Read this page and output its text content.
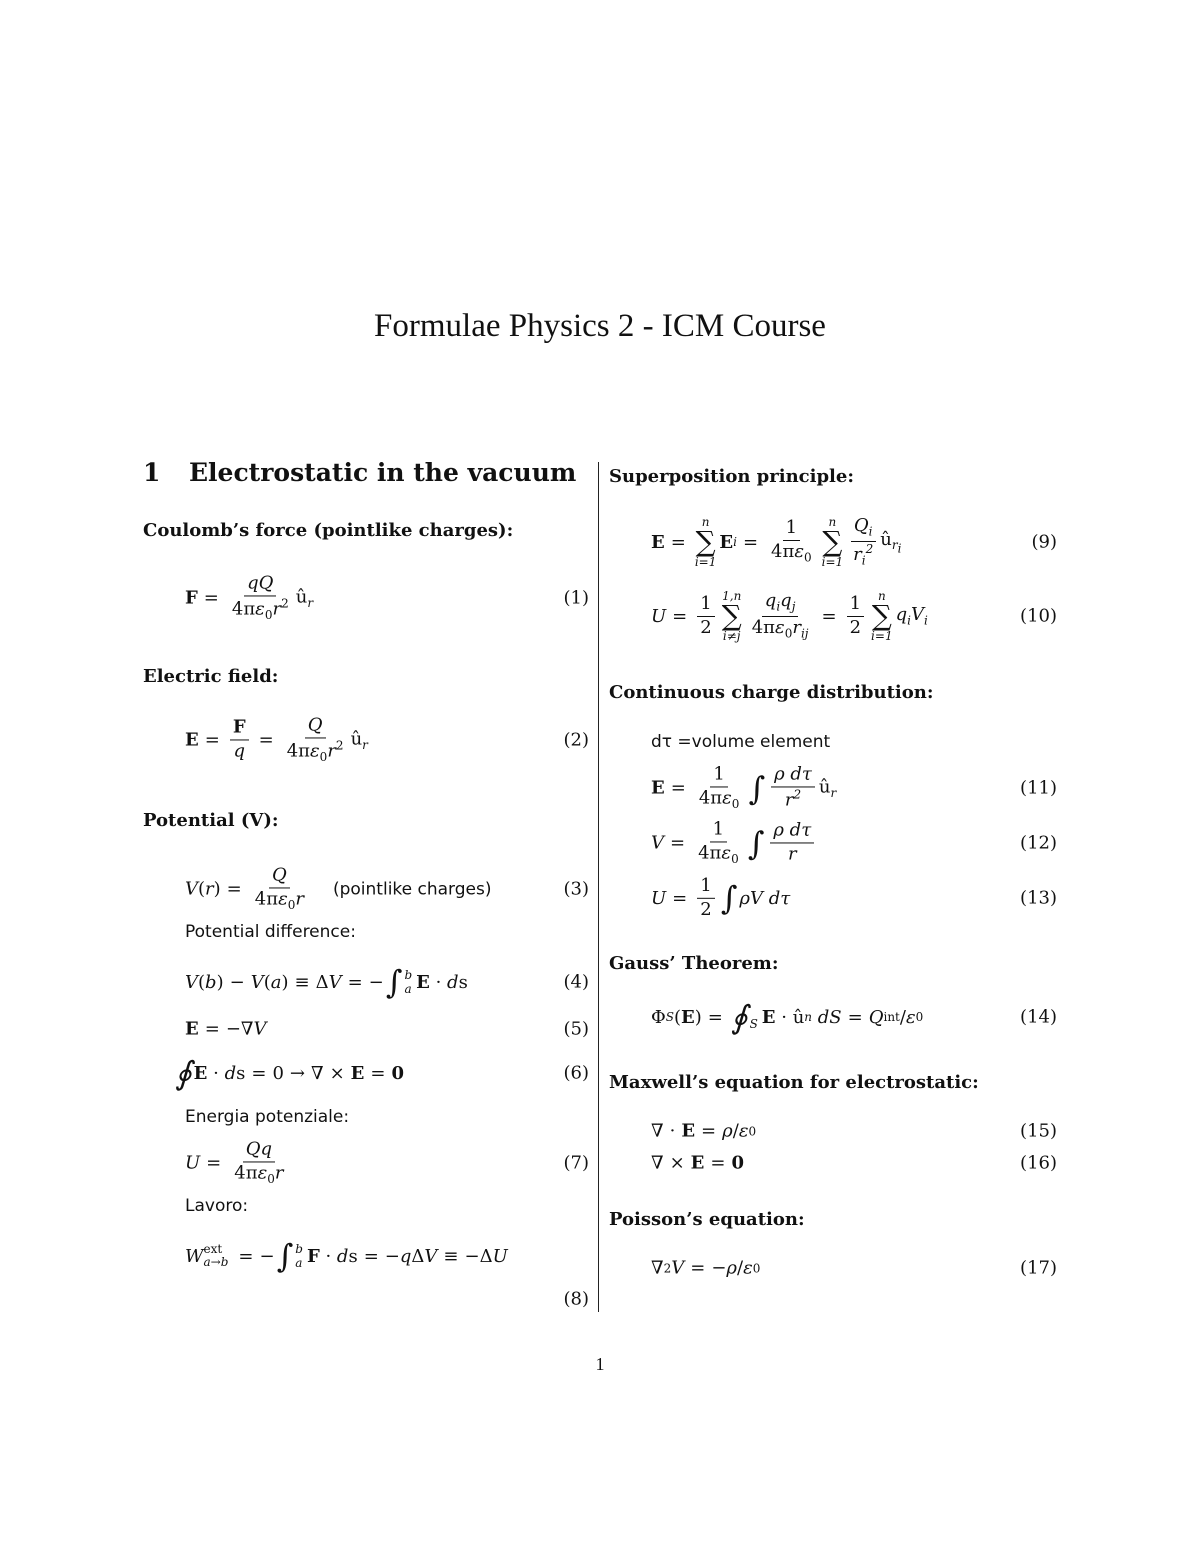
Formulae Physics 2 - ICM Course
1 Electrostatic in the vacuum
Coulomb’s force (pointlike charges):
$F = \frac{qQ}{4\pi\varepsilon_0r^2}$ $û_r$	(1)
Electric field:
$E = \frac{F}{q} = \frac{Q}{4\pi\varepsilon_0r^2}$ $û_r$	(2)
Potential (V):
V ( r ) = $\frac{Q}{4\pi\varepsilon_0r}$ (pointlike charges)	(3)
Potential difference:
V ( b ) − V ( a ) ≡ Δ V = − ∫ b
a E · d s	(4)
E = −∇ V	(5)
∮ E · d s = 0 → ∇ × E = 0	(6)
Energia potenziale:
$U = \frac{Qq}{4\pi\varepsilon_0r}$	(7)
Lavoro:
W ext
a→b = − ∫ b
a F · d s = − q Δ V ≡ −Δ U
(8)
Superposition principle:
E =
n
∑
i=1
E $i = \frac{1}{4\pi\varepsilon_0}$ n
∑
$i=1 \frac{Q_i}{r_i^2}$ $û_{r_i}$	(9)
$U = \frac{1}{2} 1,n$
∑
$i\ne j \frac{q_iq_j}{4\pi\varepsilon_0r_{ij}} = \frac{1}{2}$ n
∑
i=1
$q_iV_i$	(10)
Continuous charge distribution:
dτ =volume element
$E = \frac{1}{4\pi\varepsilon_0}$ ∫ $\frac{\text{ρ dτ}}{r^2}$ $û_r$	(11)
$V = \frac{1}{4\pi\varepsilon_0}$ ∫ $\frac{\text{ρ dτ}}{r}$	(12)
$U = \frac{1}{2}$ ∫ ρV dτ	(13)
Gauss’ Theorem:
Φ S ( E ) = ∮
S E · û n
dS = Q int / ε 0	(14)
Maxwell’s equation for electrostatic:
∇ · E = ρ / ε 0	(15)
∇ × E = 0	(16)
Poisson’s equation:
∇ 2 V = − ρ / ε 0	(17)
1
